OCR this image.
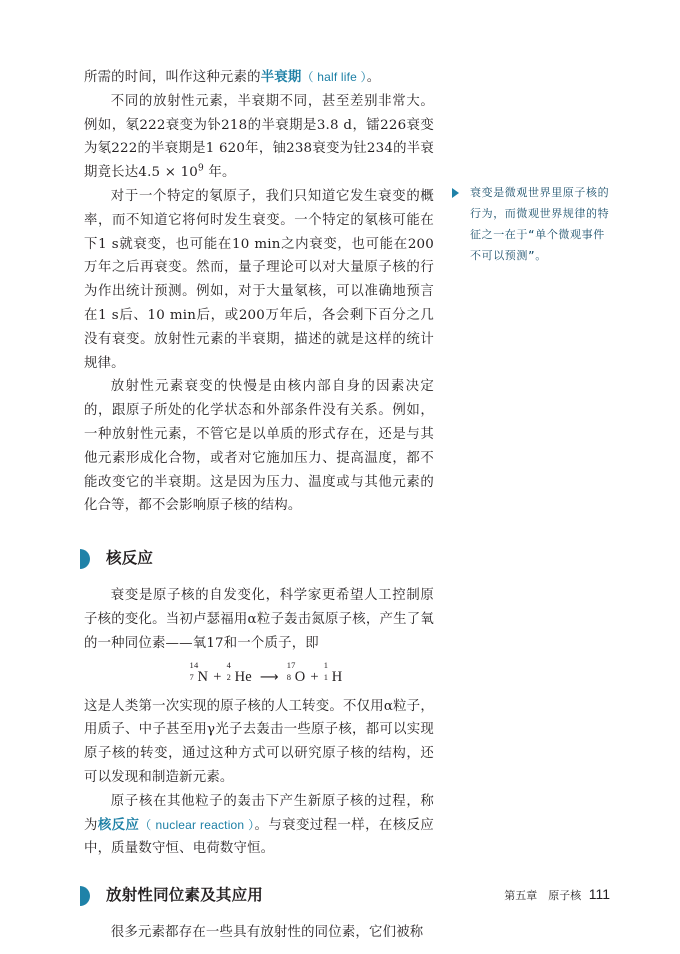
所需的时间，叫作这种元素的半衰期（ half life ）。

不同的放射性元素，半衰期不同，甚至差别非常大。例如，氡222衰变为钋218的半衰期是3.8 d，镭226衰变为氡222的半衰期是1 620年，铀238衰变为钍234的半衰期竟长达$4.5 \times 10^9$ 年。

对于一个特定的氡原子，我们只知道它发生衰变的概率，而不知道它将何时发生衰变。一个特定的氡核可能在下1 s就衰变，也可能在10 min之内衰变，也可能在200万年之后再衰变。然而，量子理论可以对大量原子核的行为作出统计预测。例如，对于大量氡核，可以准确地预言在1 s后、10 min后，或200万年后，各会剩下百分之几没有衰变。放射性元素的半衰期，描述的就是这样的统计规律。

放射性元素衰变的快慢是由核内部自身的因素决定的，跟原子所处的化学状态和外部条件没有关系。例如，一种放射性元素，不管它是以单质的形式存在，还是与其他元素形成化合物，或者对它施加压力、提高温度，都不能改变它的半衰期。这是因为压力、温度或与其他元素的化合等，都不会影响原子核的结构。

核反应

衰变是原子核的自发变化，科学家更希望人工控制原子核的变化。当初卢瑟福用α粒子轰击氮原子核，产生了氧的一种同位素——氧17和一个质子，即

14
7 N +
4
2 He ⟶
17
8 O +
1
1 H

这是人类第一次实现的原子核的人工转变。不仅用α粒子，用质子、中子甚至用γ光子去轰击一些原子核，都可以实现原子核的转变，通过这种方式可以研究原子核的结构，还可以发现和制造新元素。

原子核在其他粒子的轰击下产生新原子核的过程，称为核反应（ nuclear reaction ）。与衰变过程一样，在核反应中，质量数守恒、电荷数守恒。

放射性同位素及其应用

很多元素都存在一些具有放射性的同位素，它们被称

衰变是微观世界里原子核的行为，而微观世界规律的特征之一在于“单个微观事件不可以预测”。
第五章　原子核 111
